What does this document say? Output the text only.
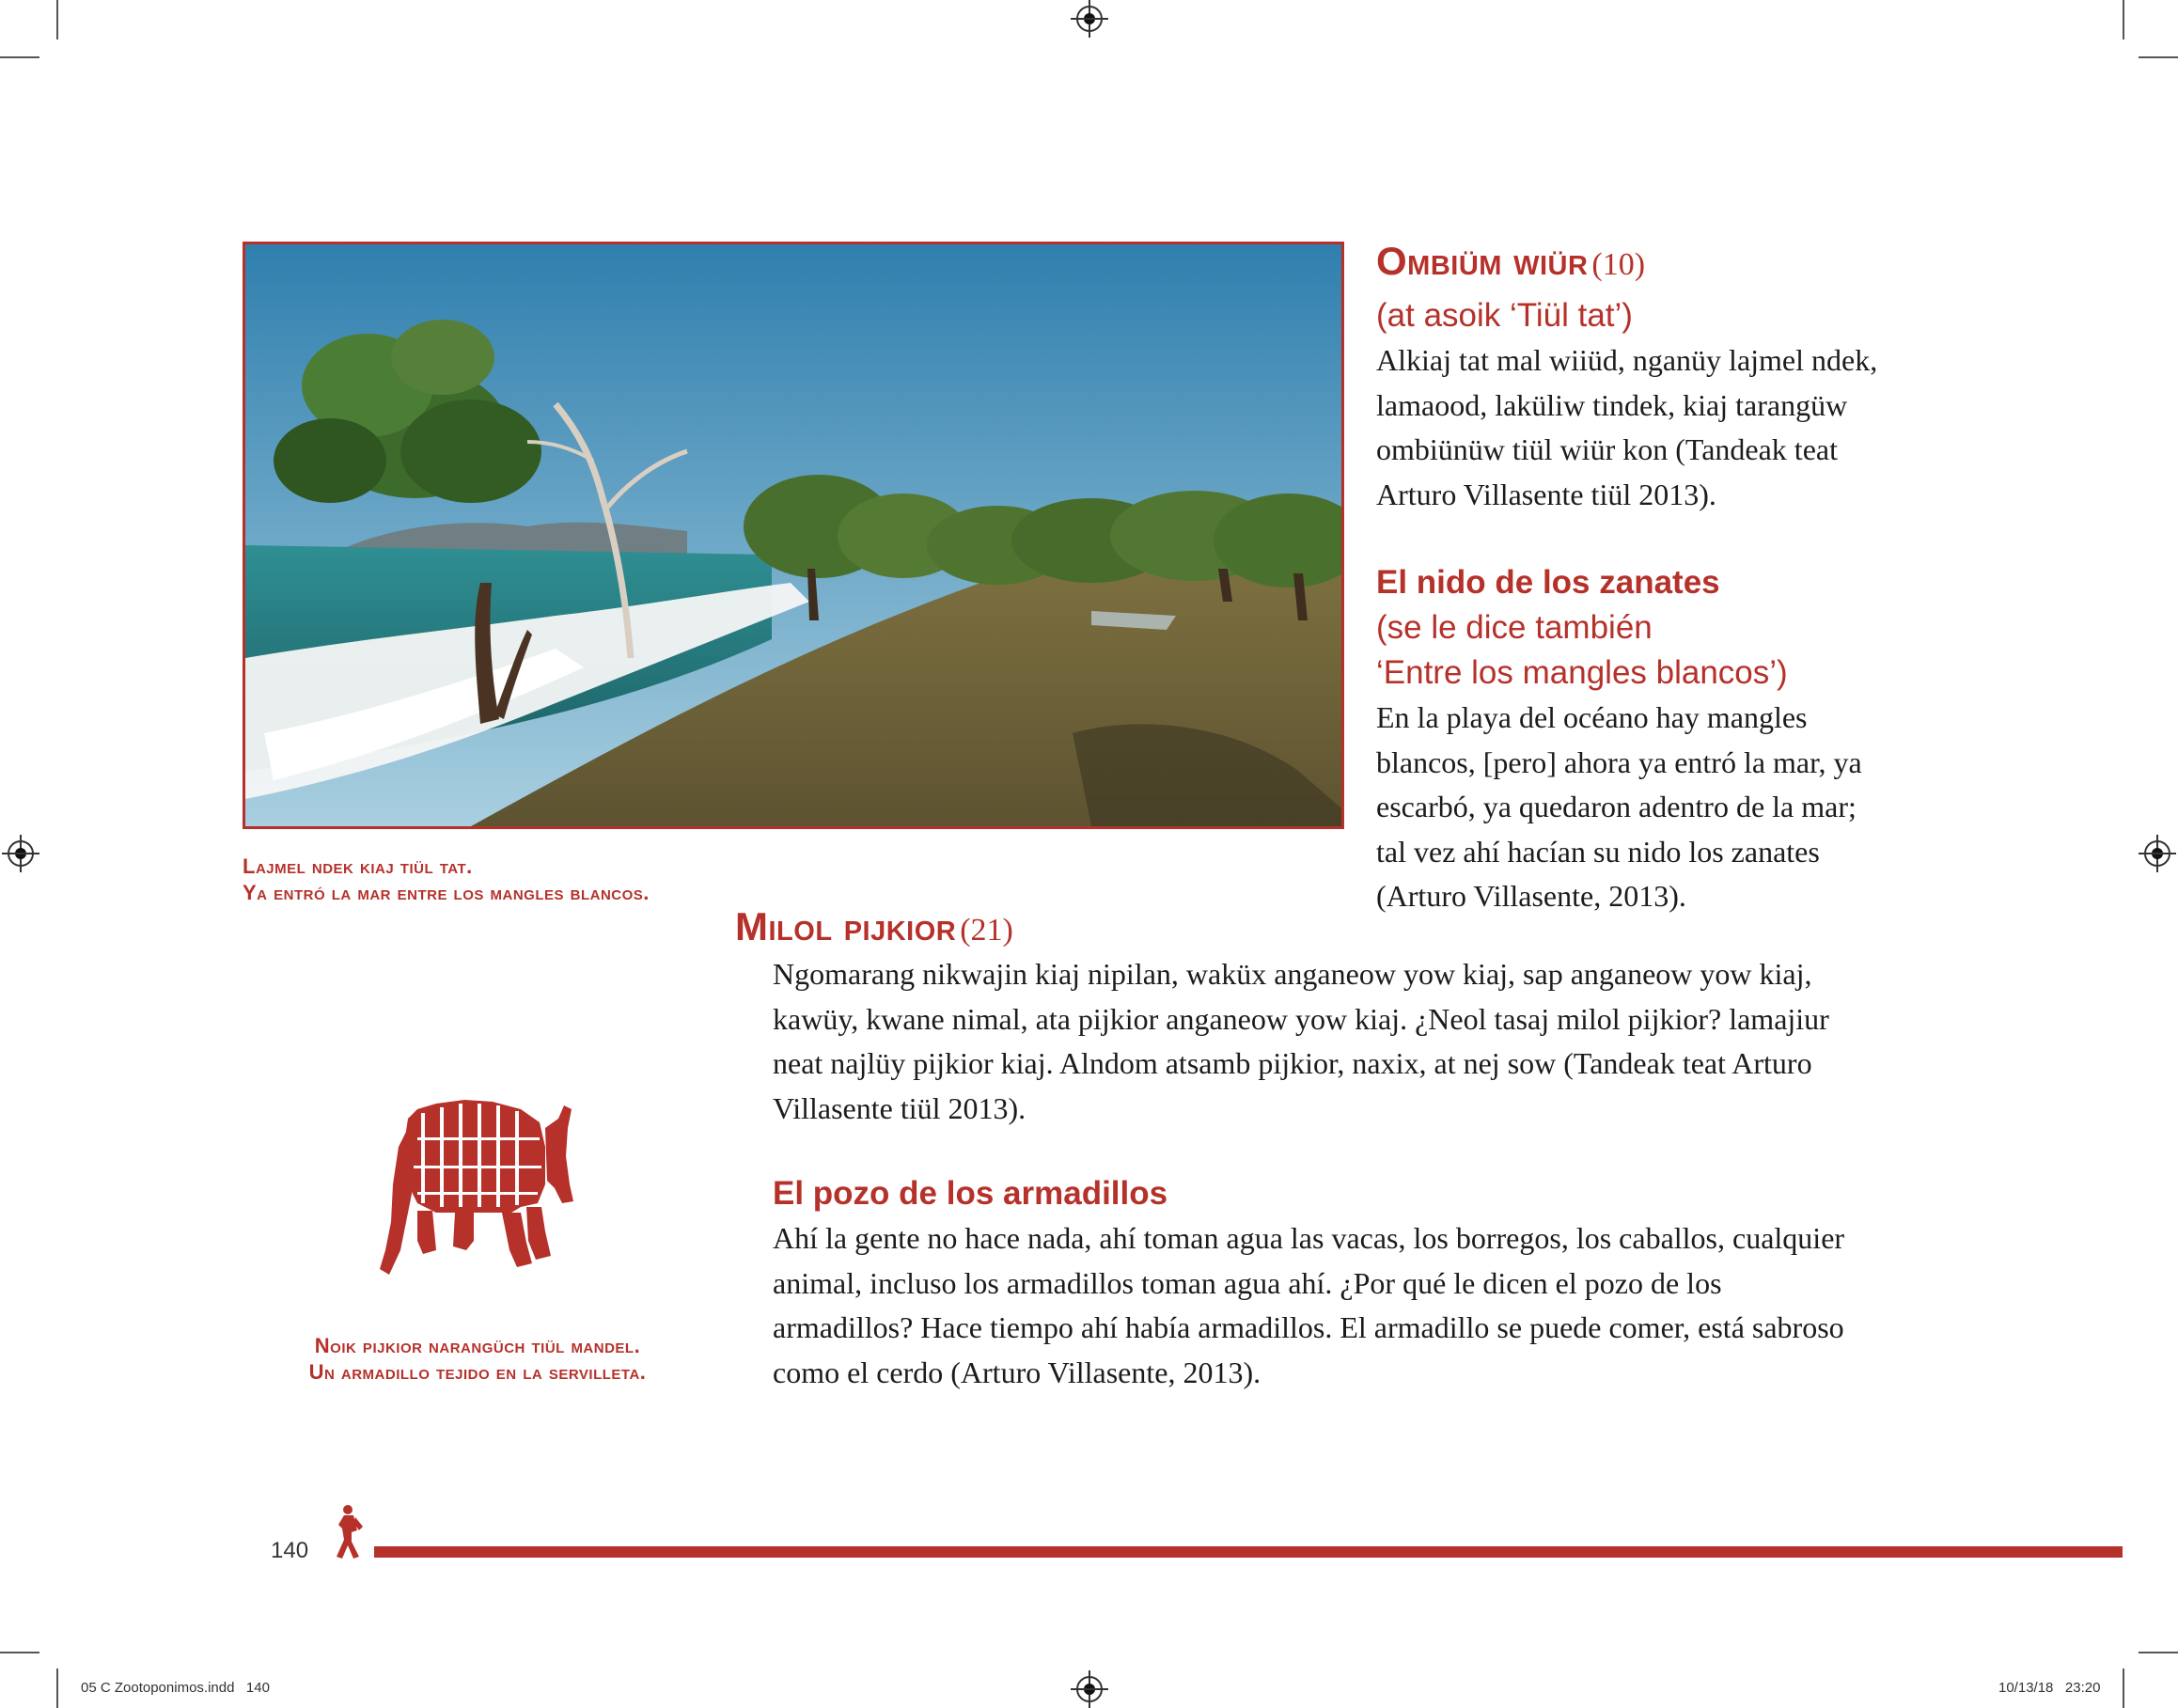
Lajmel ndek kiaj tiül tat.
Ya entró la mar entre los mangles blancos.
Ombiüm wiür (10)
(at asoik ‘Tiül tat’)
Alkiaj tat mal wiiüd, nganüy lajmel ndek,
lamaood, laküliw tindek, kiaj tarangüw
ombiünüw tiül wiür kon (Tandeak teat
Arturo Villasente tiül 2013).
El nido de los zanates
(se le dice también
‘Entre los mangles blancos’)
En la playa del océano hay mangles
blancos, [pero] ahora ya entró la mar, ya
escarbó, ya quedaron adentro de la mar;
tal vez ahí hacían su nido los zanates
(Arturo Villasente, 2013).
Milol pijkior (21)
Ngomarang nikwajin kiaj nipilan, waküx anganeow yow kiaj, sap anganeow yow kiaj,
kawüy, kwane nimal, ata pijkior anganeow yow kiaj. ¿Neol tasaj milol pijkior? lamajiur
neat najlüy pijkior kiaj. Alndom atsamb pijkior, naxix, at nej sow (Tandeak teat Arturo
Villasente tiül 2013).
El pozo de los armadillos
Ahí la gente no hace nada, ahí toman agua las vacas, los borregos, los caballos, cualquier
animal, incluso los armadillos toman agua ahí. ¿Por qué le dicen el pozo de los
armadillos? Hace tiempo ahí había armadillos. El armadillo se puede comer, está sabroso
como el cerdo (Arturo Villasente, 2013).
Noik pijkior narangüch tiül mandel.
Un armadillo tejido en la servilleta.
140
05 C Zootoponimos.indd   140	10/13/18   23:20
